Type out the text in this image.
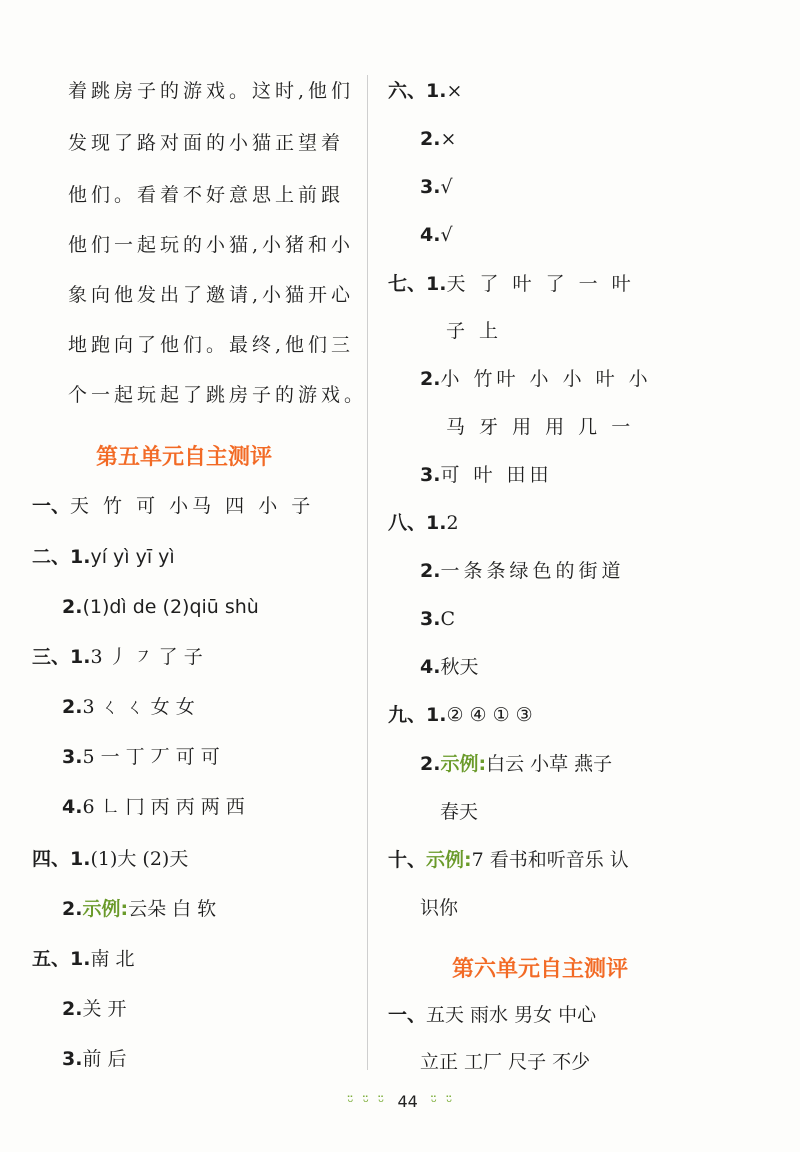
着跳房子的游戏。这时,他们
发现了路对面的小猫正望着
他们。看着不好意思上前跟
他们一起玩的小猫,小猪和小
象向他发出了邀请,小猫开心
地跑向了他们。最终,他们三
个一起玩起了跳房子的游戏。
第五单元自主测评
一、天 竹 可 小马 四 小 子
二、1.yí yì yī yì
2.(1)dì de (2)qiū shù
三、1.3 丿 ㇇ 了 子
2.3 ㄑ ㄑ 女 女
3.5 一 丁 丆 可 可
4.6 ㇗ 冂 丙 丙 两 西
四、1.(1)大 (2)天
2.示例:云朵 白 软
五、1.南 北
2.关 开
3.前 后
六、1.×
2.×
3.√
4.√
七、1.天 了 叶 了 一 叶
子 上
2.小 竹叶 小 小 叶 小
马 牙 用 用 几 一
3.可 叶 田田
八、1.2
2.一条条绿色的街道
3.C
4.秋天
九、1.② ④ ① ③
2.示例:白云 小草 燕子
春天
十、示例:7 看书和听音乐 认
识你
第六单元自主测评
一、五天 雨水 男女 中心
立正 工厂 尺子 不少
ᵕ̈ ᵕ̈ ᵕ̈ 44 ᵕ̈ ᵕ̈
